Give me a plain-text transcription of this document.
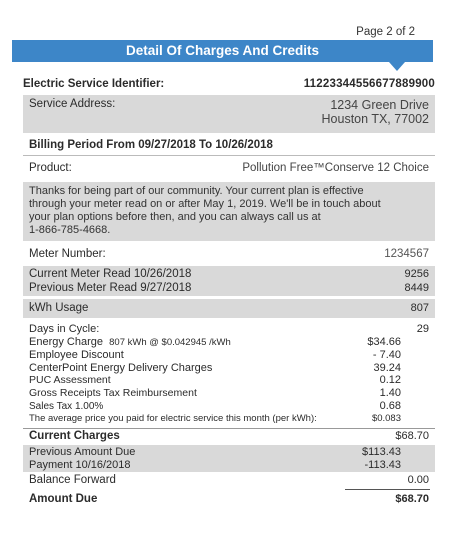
Page 2 of 2
Detail Of Charges And Credits
Electric Service Identifier:	11223344556677889900
Service Address:	1234 Green Drive
Houston TX, 77002
Billing Period From 09/27/2018 To 10/26/2018
Product:	Pollution Free™Conserve 12 Choice
Thanks for being part of our community. Your current plan is effective
through your meter read on or after May 1, 2019. We'll be in touch about
your plan options before then, and you can always call us at
1-866-785-4668.
Meter Number:	1234567
Current Meter Read 10/26/2018	9256
Previous Meter Read 9/27/2018	8449
kWh Usage	807
Days in Cycle:	29
Energy Charge 807 kWh @ $0.042945 /kWh	$34.66
Employee Discount	- 7.40
CenterPoint Energy Delivery Charges	39.24
PUC Assessment	0.12
Gross Receipts Tax Reimbursement	1.40
Sales Tax 1.00%	0.68
The average price you paid for electric service this month (per kWh):	$0.083
Current Charges	$68.70
Previous Amount Due	$113.43
Payment 10/16/2018	-113.43
Balance Forward	0.00
Amount Due	$68.70
